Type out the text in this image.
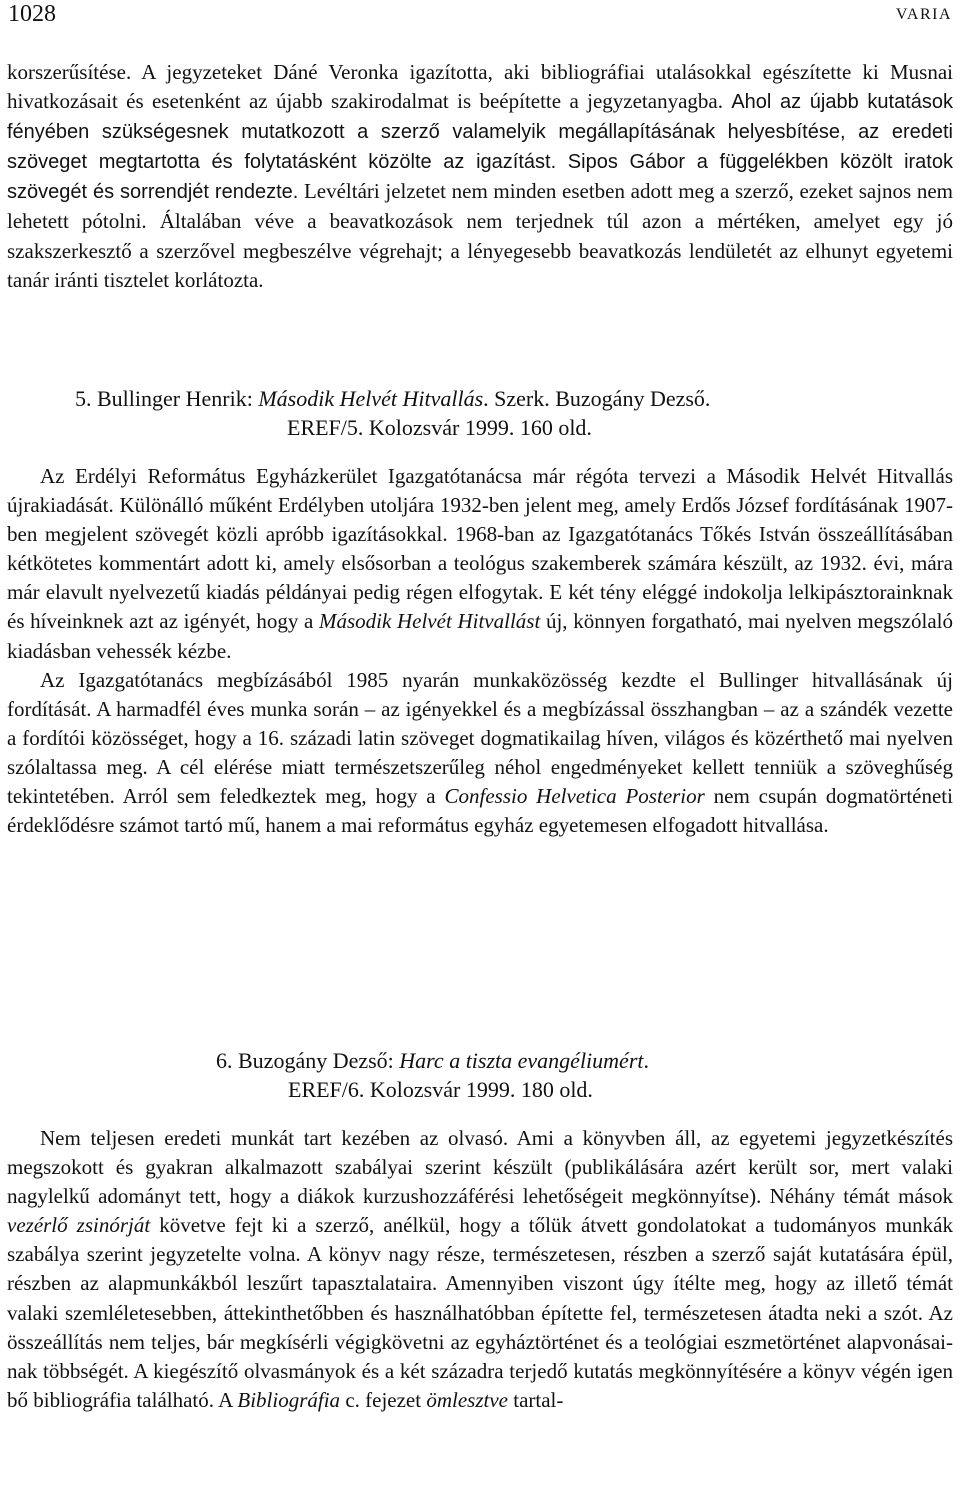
1028	VARIA

korszerűsítése. A jegyzeteket Dáné Veronka igazította, aki bibliográfiai utalásokkal egészítette ki Musnai hivatkozásait és esetenként az újabb szakirodalmat is beépítette a jegyzetanyagba. Ahol az újabb kutatások fényében szükségesnek mutatkozott a szerző valamelyik megállapításának helyesbítése, az eredeti szöveget megtartotta és folytatásként közölte az igazítást. Sipos Gábor a függelékben közölt iratok szövegét és sorrendjét rendezte. Levéltári jelzetet nem minden esetben adott meg a szerző, ezeket sajnos nem lehetett pótolni. Általában véve a beavatkozások nem terjednek túl azon a mértéken, amelyet egy jó szakszerkesztő a szerzővel megbeszélve végrehajt; a lényegesebb beavatkozás lendületét az elhunyt egyetemi tanár iránti tisztelet korlátozta.

5. Bullinger Henrik: Második Helvét Hitvallás. Szerk. Buzogány Dezső.
EREF/5. Kolozsvár 1999. 160 old.

Az Erdélyi Református Egyházkerület Igazgatótanácsa már régóta tervezi a Második Helvét Hitvallás újrakiadását. Különálló műként Erdélyben utoljára 1932-ben jelent meg, amely Erdős József fordításának 1907-ben megjelent szövegét közli apróbb igazításokkal. 1968-ban az Igazgatótanács Tőkés István összeállításában kétkötetes kommentárt adott ki, amely elsősorban a teológus szakemberek számára készült, az 1932. évi, mára már elavult nyelvezetű kiadás példányai pedig régen elfogytak. E két tény eléggé indokolja lelkipásztorainknak és híveinknek azt az igényét, hogy a Második Helvét Hitvallást új, könnyen forgatható, mai nyelven megszólaló kiadásban vehessék kézbe.

Az Igazgatótanács megbízásából 1985 nyarán munkaközösség kezdte el Bullinger hitvallásának új fordítását. A harmadfél éves munka során – az igényekkel és a megbízással összhangban – az a szándék vezette a fordítói közösséget, hogy a 16. századi latin szöveget dogmatikailag híven, világos és közérthető mai nyelven szólaltassa meg. A cél elérése miatt természetszerűleg néhol engedményeket kellett tenniük a szöveghűség tekintetében. Arról sem feledkeztek meg, hogy a Confessio Helvetica Posterior nem csupán dogmatörténeti érdeklődésre számot tartó mű, hanem a mai református egyház egyetemesen elfogadott hitvallása.

6. Buzogány Dezső: Harc a tiszta evangéliumért.
EREF/6. Kolozsvár 1999. 180 old.

Nem teljesen eredeti munkát tart kezében az olvasó. Ami a könyvben áll, az egyetemi jegyzetkészítés megszokott és gyakran alkalmazott szabályai szerint készült (publikálására azért került sor, mert valaki nagylelkű adományt tett, hogy a diákok kurzushozzáférési lehetőségeit megkönnyítse). Néhány témát mások vezérlő zsinórját követve fejt ki a szerző, anélkül, hogy a tőlük átvett gondolatokat a tudományos munkák szabálya szerint jegyzetelte volna. A könyv nagy része, természetesen, részben a szerző saját kutatására épül, részben az alapmunkákból leszűrt tapasztalataira. Amennyiben viszont úgy ítélte meg, hogy az illető témát valaki szemléletesebben, áttekinthetőbben és használhatóbban építette fel, természetesen átadta neki a szót. Az összeállítás nem teljes, bár megkísérli végigkövetni az egyháztörténet és a teológiai eszmetörténet alapvonásainak többségét. A kiegészítő olvasmányok és a két századra terjedő kutatás megkönnyítésére a könyv végén igen bő bibliográfia található. A Bibliográfia c. fejezet ömlesztve tartal-
